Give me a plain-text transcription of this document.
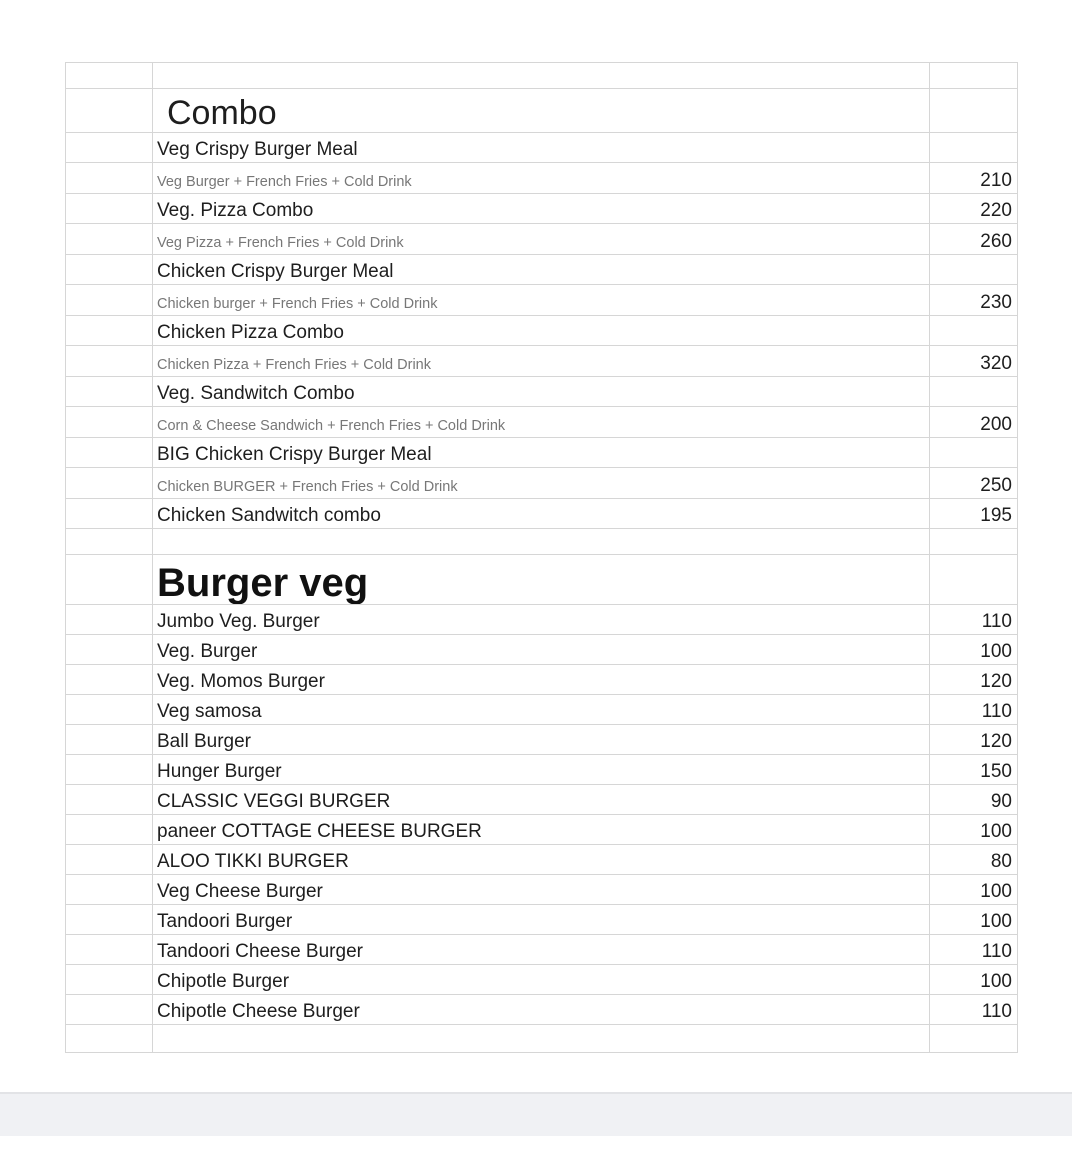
	Combo	
	Veg Crispy Burger Meal	
	Veg Burger + French Fries + Cold Drink	210
	Veg. Pizza Combo	220
	Veg Pizza + French Fries + Cold Drink	260
	Chicken Crispy Burger Meal	
	Chicken burger + French Fries + Cold Drink	230
	Chicken Pizza Combo	
	Chicken Pizza + French Fries + Cold Drink	320
	Veg. Sandwitch Combo	
	Corn & Cheese Sandwich + French Fries + Cold Drink	200
	BIG Chicken Crispy Burger Meal	
	Chicken BURGER + French Fries + Cold Drink	250
	Chicken Sandwitch combo	195

	Burger veg	
	Jumbo Veg. Burger	110
	Veg. Burger	100
	Veg. Momos Burger	120
	Veg samosa	110
	Ball Burger	120
	Hunger Burger	150
	CLASSIC VEGGI BURGER	90
	paneer COTTAGE CHEESE BURGER	100
	ALOO TIKKI BURGER	80
	Veg Cheese Burger	100
	Tandoori Burger	100
	Tandoori Cheese Burger	110
	Chipotle Burger	100
	Chipotle Cheese Burger	110
